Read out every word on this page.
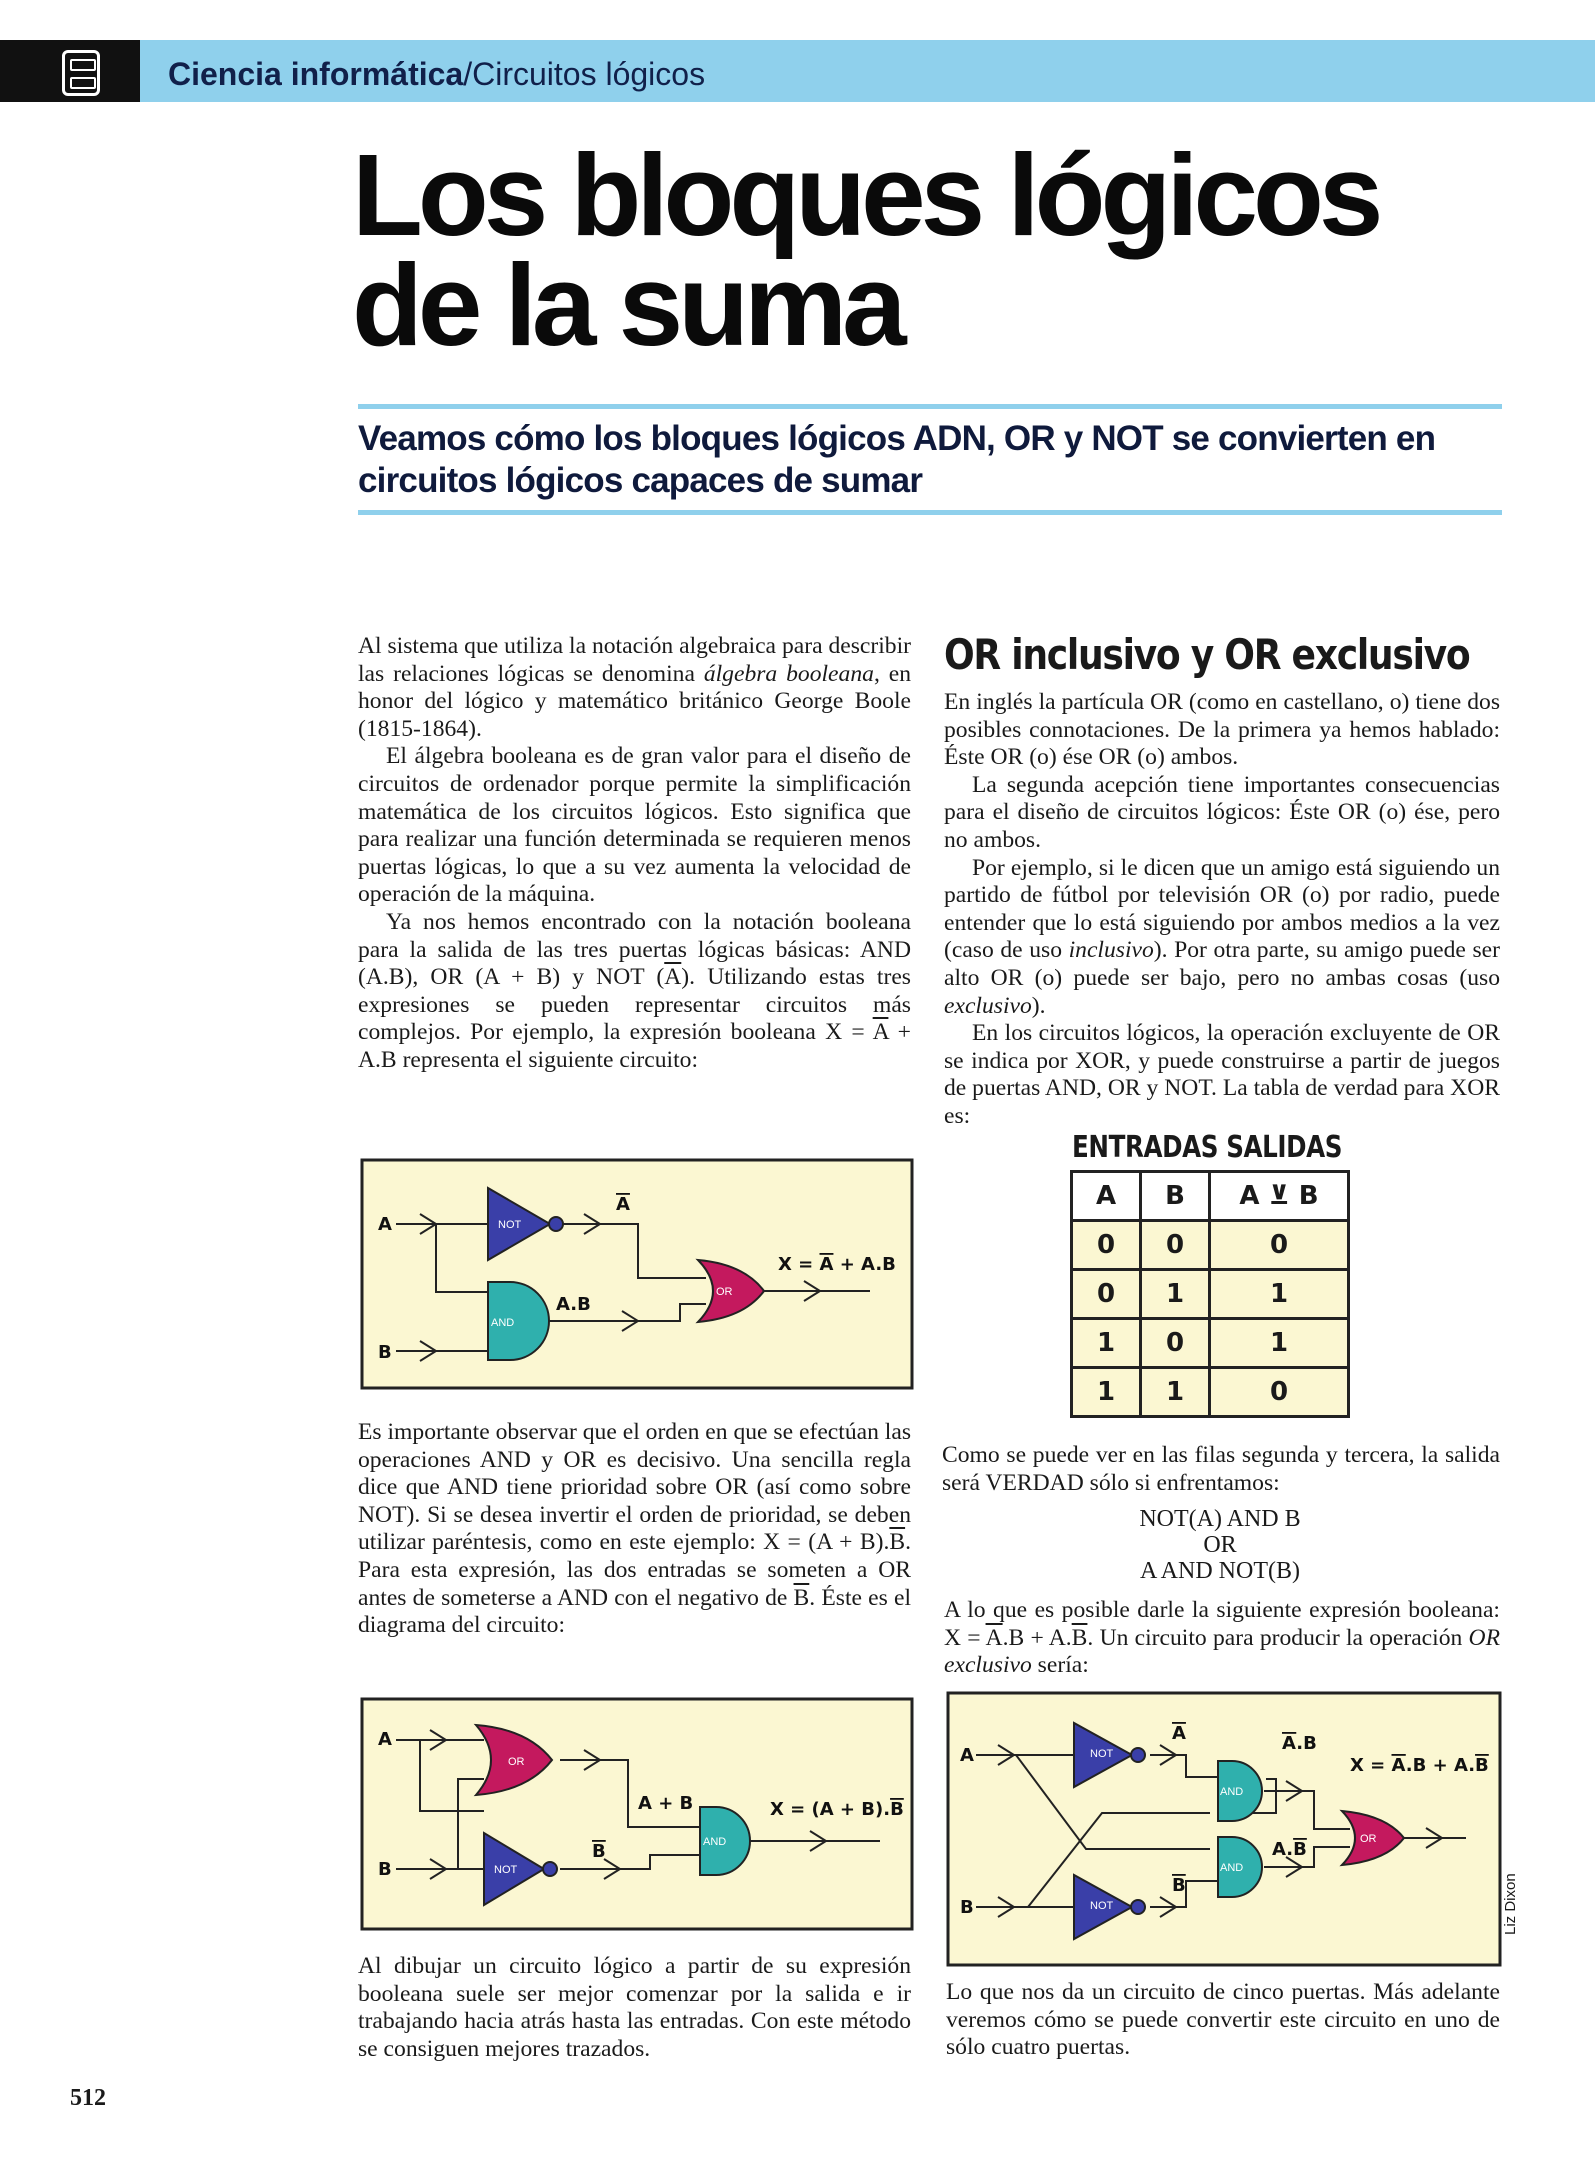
Ciencia informática/Circuitos lógicos
Los bloques lógicos de la suma
Veamos cómo los bloques lógicos ADN, OR y NOT se convierten en circuitos lógicos capaces de sumar

Al sistema que utiliza la notación algebraica para describir las relaciones lógicas se denomina álgebra booleana, en honor del lógico y matemático británico George Boole (1815-1864).

El álgebra booleana es de gran valor para el diseño de circuitos de ordenador porque permite la simplificación matemática de los circuitos lógicos. Esto significa que para realizar una función determinada se requieren menos puertas lógicas, lo que a su vez aumenta la velocidad de operación de la máquina.

Ya nos hemos encontrado con la notación booleana para la salida de las tres puertas lógicas básicas: AND (A.B), OR (A + B) y NOT $(\overline{A})$. Utilizando estas tres expresiones se pueden representar circuitos más complejos. Por ejemplo, la expresión booleana $X = \overline{A} + A.B$ representa el siguiente circuito:

NOT
AND
OR
A
B
A
A.B
X = A + A.B

Es importante observar que el orden en que se efectúan las operaciones AND y OR es decisivo. Una sencilla regla dice que AND tiene prioridad sobre OR (así como sobre NOT). Si se desea invertir el orden de prioridad, se deben utilizar paréntesis, como en este ejemplo: $X = (A + B).\overline{B}$. Para esta expresión, las dos entradas se someten a OR antes de someterse a AND con el negativo de $\overline{B}$. Éste es el diagrama del circuito:

OR
NOT
AND
A
B
A + B
B
X = (A + B).B

Al dibujar un circuito lógico a partir de su expresión booleana suele ser mejor comenzar por la salida e ir trabajando hacia atrás hasta las entradas. Con este método se consiguen mejores trazados.

OR inclusivo y OR exclusivo

En inglés la partícula OR (como en castellano, o) tiene dos posibles connotaciones. De la primera ya hemos hablado: Éste OR (o) ése OR (o) ambos.

La segunda acepción tiene importantes consecuencias para el diseño de circuitos lógicos: Éste OR (o) ése, pero no ambos.

Por ejemplo, si le dicen que un amigo está siguiendo un partido de fútbol por televisión OR (o) por radio, puede entender que lo está siguiendo por ambos medios a la vez (caso de uso inclusivo). Por otra parte, su amigo puede ser alto OR (o) puede ser bajo, pero no ambas cosas (uso exclusivo).

En los circuitos lógicos, la operación excluyente de OR se indica por XOR, y puede construirse a partir de juegos de puertas AND, OR y NOT. La tabla de verdad para XOR es:

ENTRADAS SALIDAS
A	B	A ⊻ B
0	0	0
0	1	1
1	0	1
1	1	0

Como se puede ver en las filas segunda y tercera, la salida será VERDAD sólo si enfrentamos:

NOT(A) AND B
OR
A AND NOT(B)

A lo que es posible darle la siguiente expresión booleana: $X = \overline{A}.B + A.\overline{B}$. Un circuito para producir la operación OR exclusivo sería:

NOT
NOT
AND
AND
OR
A
B
A
B
A.B
A.B
X = A.B + A.B

Lo que nos da un circuito de cinco puertas. Más adelante veremos cómo se puede convertir este circuito en uno de sólo cuatro puertas.

Liz Dixon
512
